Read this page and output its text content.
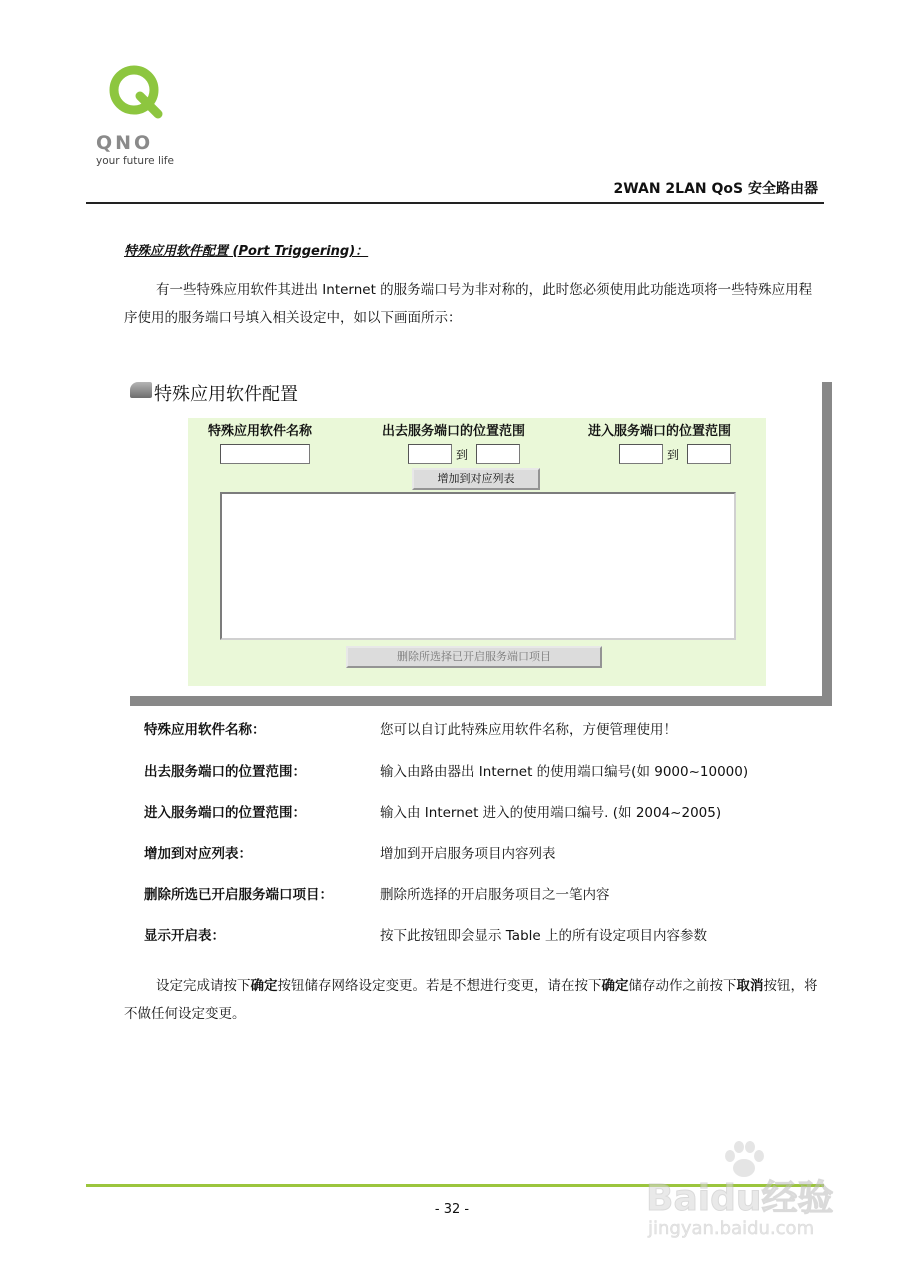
QNO
your future life
2WAN 2LAN QoS 安全路由器
特殊应用软件配置 (Port Triggering)：
有一些特殊应用软件其进出 Internet 的服务端口号为非对称的，此时您必须使用此功能选项将一些特殊应用程序使用的服务端口号填入相关设定中，如以下画面所示：
特殊应用软件配置
特殊应用软件名称	出去服务端口的位置范围	进入服务端口的位置范围
到	到
增加到对应列表
删除所选择已开启服务端口项目
特殊应用软件名称：	您可以自订此特殊应用软件名称，方便管理使用！
出去服务端口的位置范围：	输入由路由器出 Internet 的使用端口编号(如 9000~10000)
进入服务端口的位置范围：	输入由 Internet 进入的使用端口编号. (如 2004~2005)
增加到对应列表：	增加到开启服务项目内容列表
删除所选已开启服务端口项目：	删除所选择的开启服务项目之一笔内容
显示开启表：	按下此按钮即会显示 Table 上的所有设定项目内容参数
设定完成请按下确定按钮储存网络设定变更。若是不想进行变更，请在按下确定储存动作之前按下取消按钮，将不做任何设定变更。
- 32 -	Baidu经验
jingyan.baidu.com
